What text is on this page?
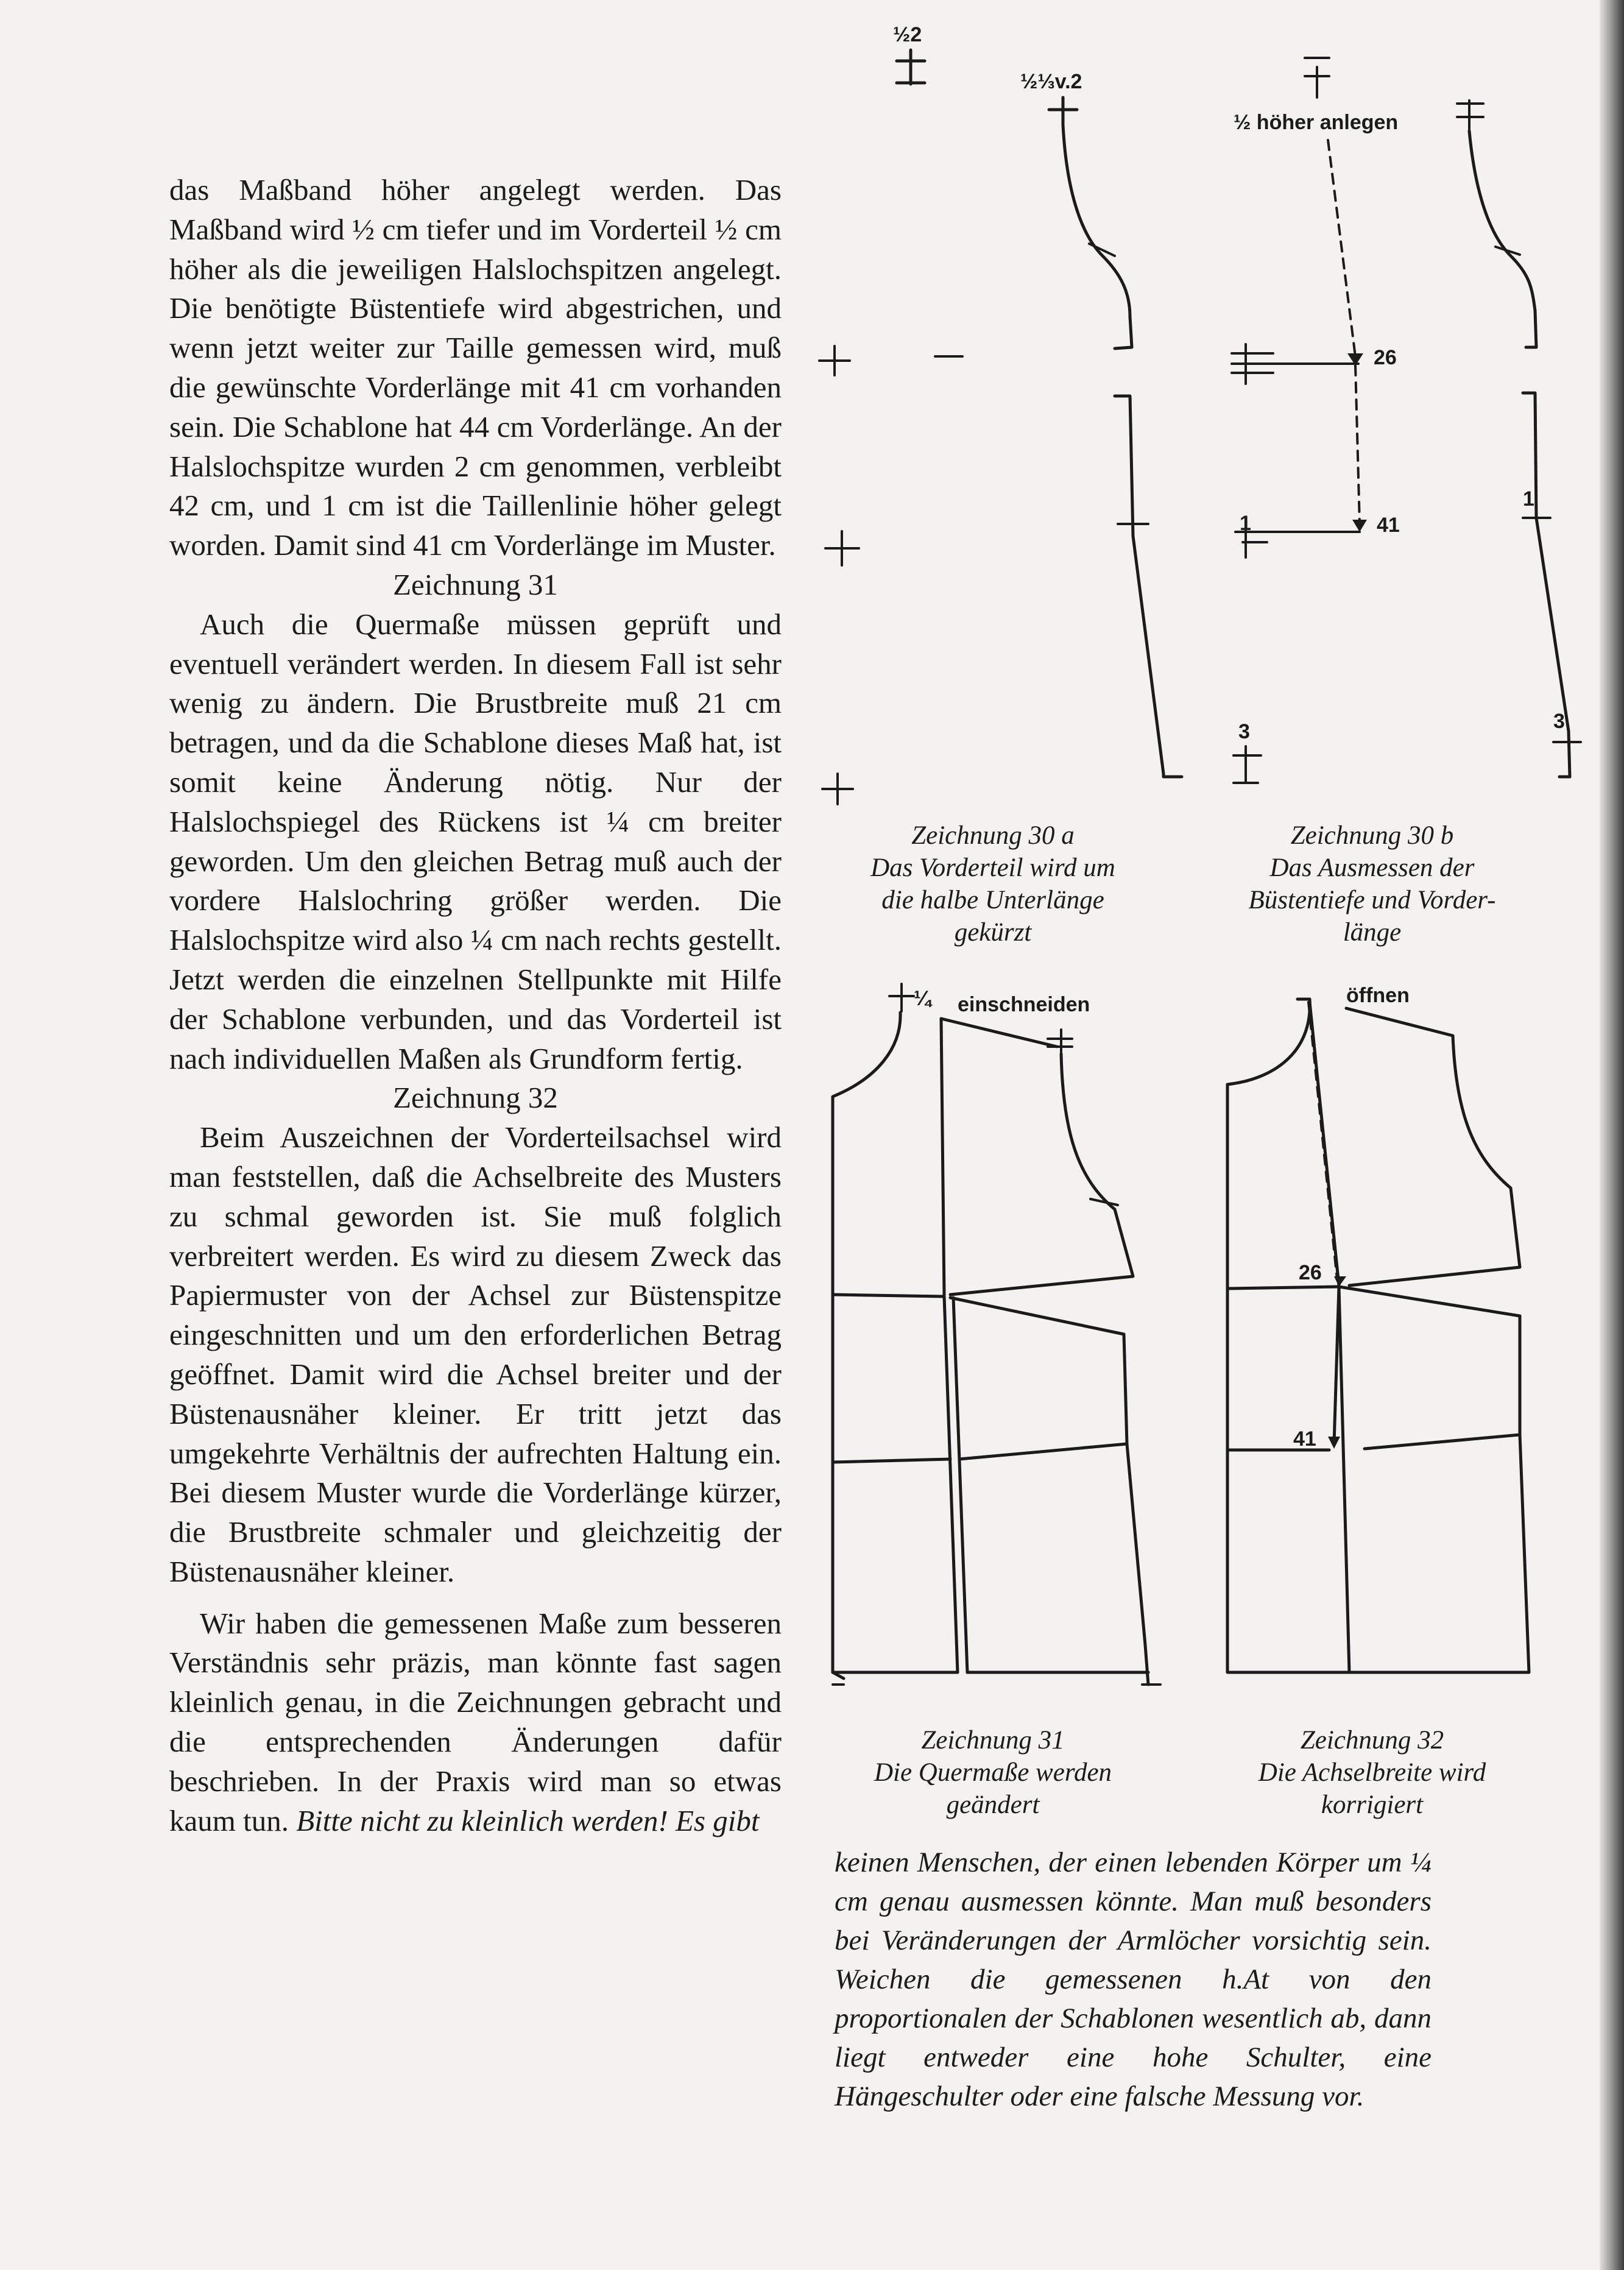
das Maßband höher angelegt werden. Das Maßband wird ½ cm tiefer und im Vorderteil ½ cm höher als die jeweiligen Halslochspitzen angelegt. Die benötigte Büstentiefe wird abgestrichen, und wenn jetzt weiter zur Taille gemessen wird, muß die gewünschte Vorderlänge mit 41 cm vorhanden sein. Die Schablone hat 44 cm Vorderlänge. An der Halslochspitze wurden 2 cm genommen, verbleibt 42 cm, und 1 cm ist die Taillenlinie höher gelegt worden. Damit sind 41 cm Vorderlänge im Muster.

Zeichnung 31

Auch die Quermaße müssen geprüft und eventuell verändert werden. In diesem Fall ist sehr wenig zu ändern. Die Brustbreite muß 21 cm betragen, und da die Schablone dieses Maß hat, ist somit keine Änderung nötig. Nur der Halslochspiegel des Rückens ist ¼ cm breiter geworden. Um den gleichen Betrag muß auch der vordere Halslochring größer werden. Die Halslochspitze wird also ¼ cm nach rechts gestellt. Jetzt werden die einzelnen Stellpunkte mit Hilfe der Schablone verbunden, und das Vorderteil ist nach individuellen Maßen als Grundform fertig.

Zeichnung 32

Beim Auszeichnen der Vorderteilsachsel wird man feststellen, daß die Achselbreite des Musters zu schmal geworden ist. Sie muß folglich verbreitert werden. Es wird zu diesem Zweck das Papiermuster von der Achsel zur Büstenspitze eingeschnitten und um den erforderlichen Betrag geöffnet. Damit wird die Achsel breiter und der Büstenausnäher kleiner. Er tritt jetzt das umgekehrte Verhältnis der aufrechten Haltung ein. Bei diesem Muster wurde die Vorderlänge kürzer, die Brustbreite schmaler und gleichzeitig der Büstenausnäher kleiner.

Wir haben die gemessenen Maße zum besseren Verständnis sehr präzis, man könnte fast sagen kleinlich genau, in die Zeichnungen gebracht und die entsprechenden Änderungen dafür beschrieben. In der Praxis wird man so etwas kaum tun. Bitte nicht zu kleinlich werden! Es gibt

½2
½⅓v.2
½ höher anlegen
26
41
1
3
1
3
¼ einschneiden	öffnen
26
41
Zeichnung 30 a
Das Vorderteil wird um
die halbe Unterlänge
gekürzt
Zeichnung 30 b
Das Ausmessen der
Büstentiefe und Vorder-
länge
Zeichnung 31
Die Quermaße werden
geändert
Zeichnung 32
Die Achselbreite wird
korrigiert

keinen Menschen, der einen lebenden Körper um ¼ cm genau ausmessen könnte. Man muß besonders bei Veränderungen der Armlöcher vorsichtig sein. Weichen die gemessenen h.At von den proportionalen der Schablonen wesentlich ab, dann liegt entweder eine hohe Schulter, eine Hängeschulter oder eine falsche Messung vor.
